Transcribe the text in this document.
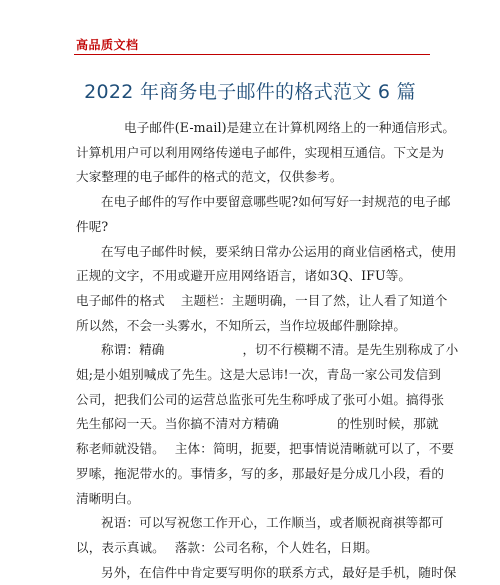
高品质文档
2022 年商务电子邮件的格式范文 6 篇

电子邮件(E-mail)是建立在计算机网络上的一种通信形式。

计算机用户可以利用网络传递电子邮件，实现相互通信。下文是为

大家整理的电子邮件的格式的范文，仅供参考。

在电子邮件的写作中要留意哪些呢?如何写好一封规范的电子邮

件呢?

在写电子邮件时候，要采纳日常办公运用的商业信函格式，使用

正规的文字，不用或避开应用网络语言，诸如3Q、IFU等。

电子邮件的格式 主题栏：主题明确，一目了然，让人看了知道个

所以然，不会一头雾水，不知所云，当作垃圾邮件删除掉。

称谓：精确	，切不行模糊不清。是先生别称成了小

姐;是小姐别喊成了先生。这是大忌讳!一次，青岛一家公司发信到

公司，把我们公司的运营总监张可先生称呼成了张可小姐。搞得张

先生郁闷一天。当你搞不清对方精确	的性别时候，那就

称老师就没错。 主体：简明，扼要，把事情说清晰就可以了，不要

罗嗦，拖泥带水的。事情多，写的多，那最好是分成几小段，看的

清晰明白。

祝语：可以写祝您工作开心，工作顺当，或者顺祝商祺等都可

以，表示真诚。 落款：公司名称，个人姓名，日期。

另外，在信件中肯定要写明你的联系方式，最好是手机，随时保
